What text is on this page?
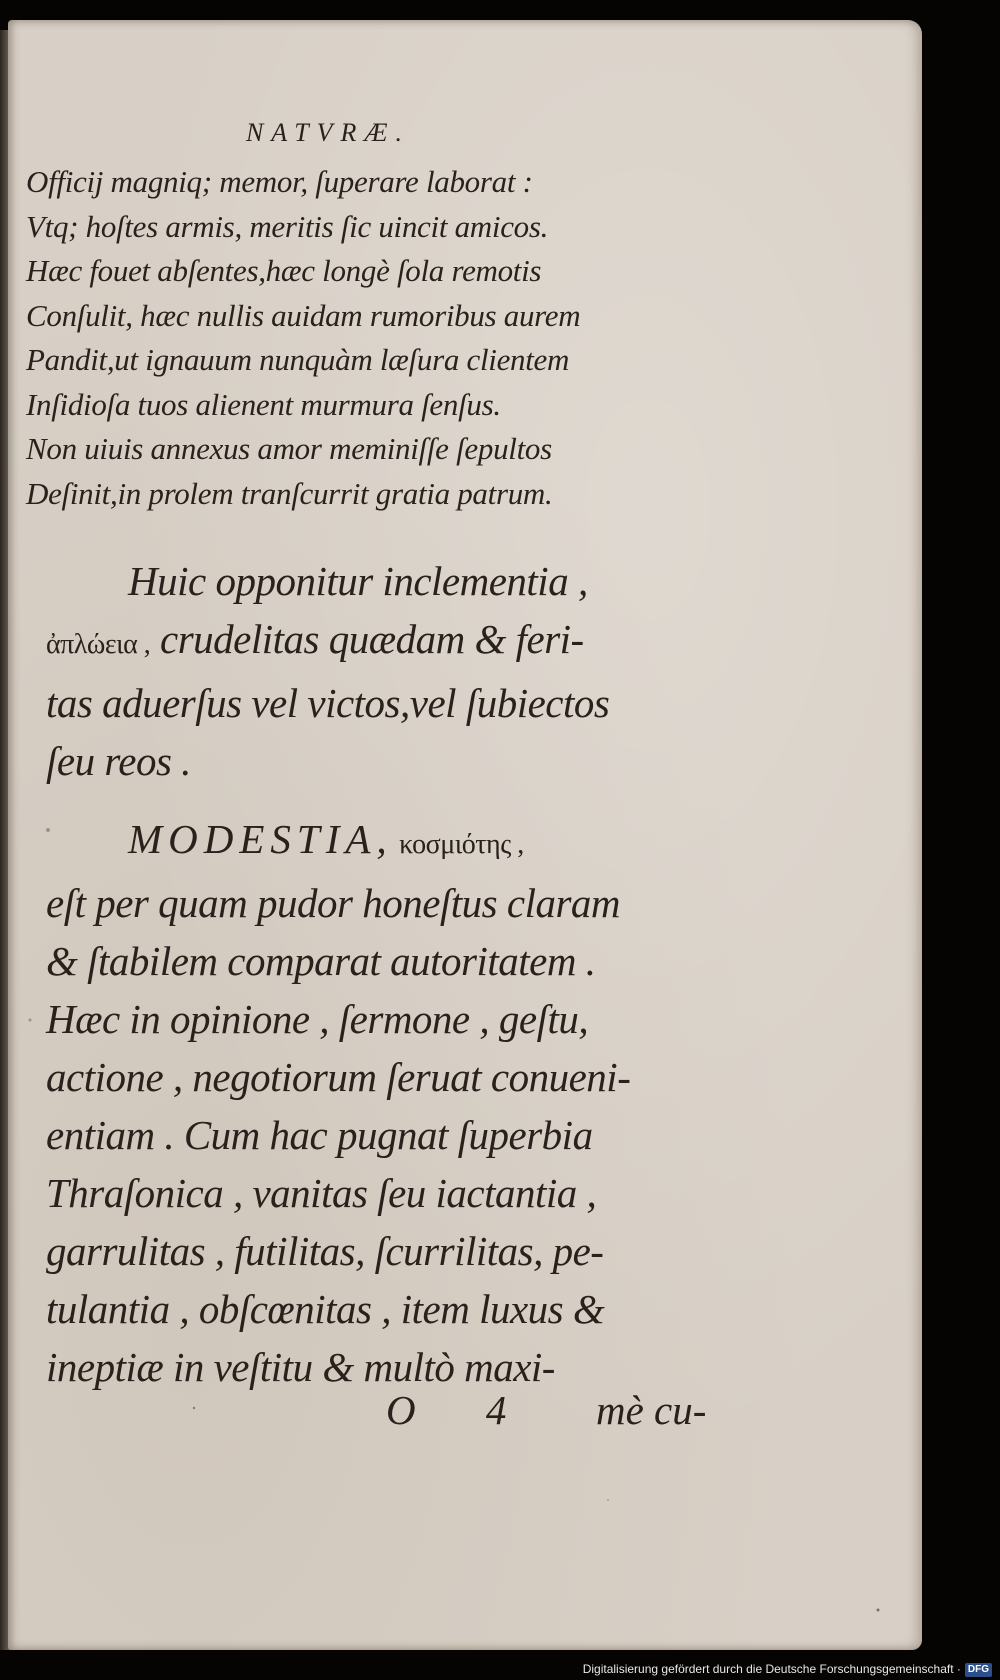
NATVRÆ.
Officij magniq; memor, ſuperare laborat :
Vtq; hoſtes armis, meritis ſic uincit amicos.
Hæc fouet abſentes,hæc longè ſola remotis
Conſulit, hæc nullis auidam rumoribus aurem
Pandit,ut ignauum nunquàm læſura clientem
Inſidioſa tuos alienent murmura ſenſus.
Non uiuis annexus amor meminiſſe ſepultos
Deſinit,in prolem tranſcurrit gratia patrum.
Huic opponitur inclementia ,
ἀπλώεια , crudelitas quædam & feri-
tas aduerſus vel victos,vel ſubiectos
ſeu reos .
MODESTIA, κοσμιότης ,
eſt per quam pudor honeſtus claram
& ſtabilem comparat autoritatem .
Hæc in opinione , ſermone , geſtu,
actione , negotiorum ſeruat conueni-
entiam . Cum hac pugnat ſuperbia
Thraſonica , vanitas ſeu iactantia ,
garrulitas , futilitas, ſcurrilitas, pe-
tulantia , obſcœnitas , item luxus &
ineptiæ in veſtitu & multò maxi-
O 4 mè cu-
Digitalisierung gefördert durch die Deutsche Forschungsgemeinschaft · DFG
